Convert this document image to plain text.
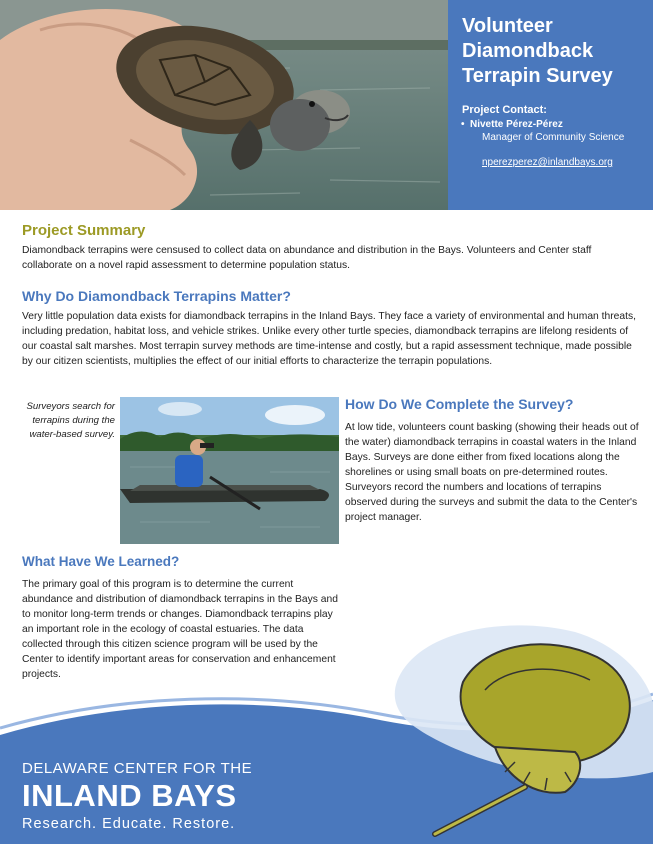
Volunteer Diamondback Terrapin Survey
Project Contact:
• Nivette Pérez-Pérez
Manager of Community Science
nperezperez@inlandbays.org
Project Summary

Diamondback terrapins were censused to collect data on abundance and distribution in the Bays. Volunteers and Center staff collaborate on a novel rapid assessment to determine population status.

Why Do Diamondback Terrapins Matter?

Very little population data exists for diamondback terrapins in the Inland Bays. They face a variety of environmental and human threats, including predation, habitat loss, and vehicle strikes. Unlike every other turtle species, diamondback terrapins are lifelong residents of our coastal salt marshes. Most terrapin survey methods are time-intense and costly, but a rapid assessment technique, made possible by our citizen scientists, multiplies the effect of our initial efforts to characterize the terrapin populations.

Surveyors search for terrapins during the water-based survey.
How Do We Complete the Survey?

At low tide, volunteers count basking (showing their heads out of the water) diamondback terrapins in coastal waters in the Inland Bays. Surveys are done either from fixed locations along the shorelines or using small boats on pre-determined routes. Surveyors record the numbers and locations of terrapins observed during the surveys and submit the data to the Center's project manager.

What Have We Learned?

The primary goal of this program is to determine the current abundance and distribution of diamondback terrapins in the Bays and to monitor long-term trends or changes. Diamondback terrapins play an important role in the ecology of coastal estuaries. The data collected through this citizen science program will be used by the Center to identify important areas for conservation and enhancement projects.

DELAWARE CENTER FOR THE
INLAND BAYS
Research. Educate. Restore.
